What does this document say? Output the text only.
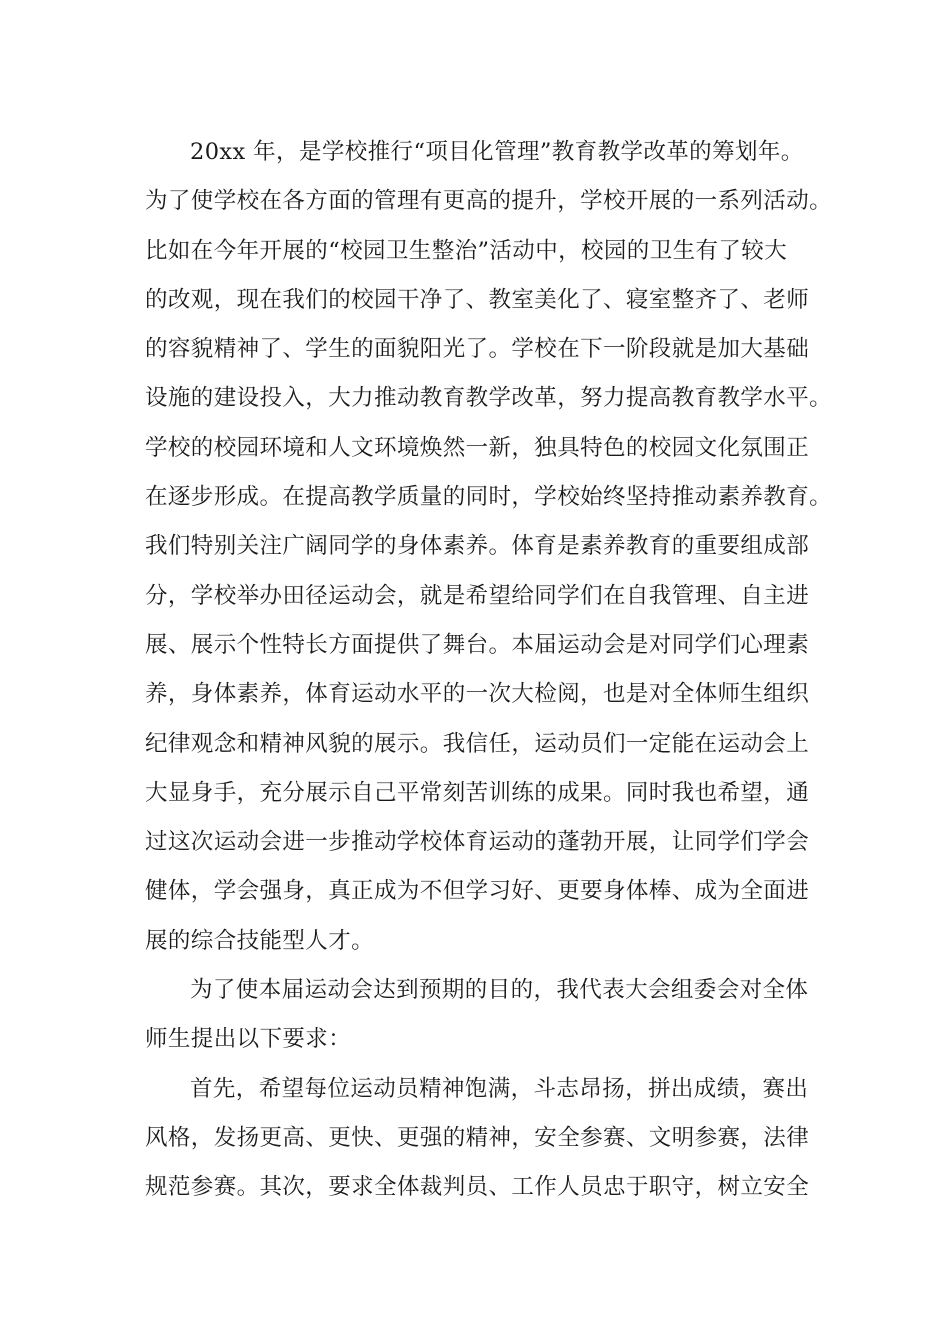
20xx 年，是学校推行“项目化管理”教育教学改革的筹划年。
为了使学校在各方面的管理有更高的提升，学校开展的一系列活动。
比如在今年开展的“校园卫生整治”活动中，校园的卫生有了较大
的改观，现在我们的校园干净了、教室美化了、寝室整齐了、老师
的容貌精神了、学生的面貌阳光了。学校在下一阶段就是加大基础
设施的建设投入，大力推动教育教学改革，努力提高教育教学水平。
学校的校园环境和人文环境焕然一新，独具特色的校园文化氛围正
在逐步形成。在提高教学质量的同时，学校始终坚持推动素养教育。
我们特别关注广阔同学的身体素养。体育是素养教育的重要组成部
分，学校举办田径运动会，就是希望给同学们在自我管理、自主进
展、展示个性特长方面提供了舞台。本届运动会是对同学们心理素
养，身体素养，体育运动水平的一次大检阅，也是对全体师生组织
纪律观念和精神风貌的展示。我信任，运动员们一定能在运动会上
大显身手，充分展示自己平常刻苦训练的成果。同时我也希望，通
过这次运动会进一步推动学校体育运动的蓬勃开展，让同学们学会
健体，学会强身，真正成为不但学习好、更要身体棒、成为全面进
展的综合技能型人才。
为了使本届运动会达到预期的目的，我代表大会组委会对全体
师生提出以下要求：
首先，希望每位运动员精神饱满，斗志昂扬，拼出成绩，赛出
风格，发扬更高、更快、更强的精神，安全参赛、文明参赛，法律
规范参赛。其次，要求全体裁判员、工作人员忠于职守，树立安全
